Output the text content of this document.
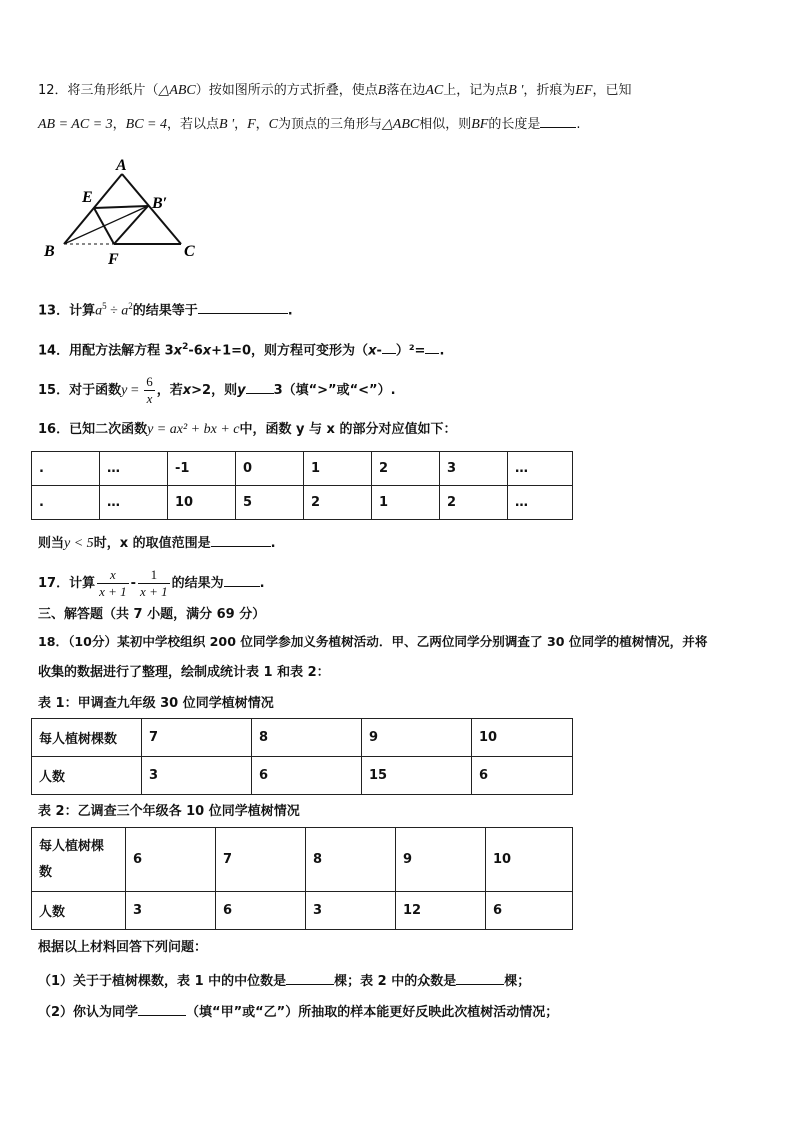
12．将三角形纸片（△ABC）按如图所示的方式折叠，使点B落在边AC上，记为点B '，折痕为EF，已知
AB = AC = 3，BC = 4，若以点B '，F，C为顶点的三角形与△ABC相似，则BF的长度是	.
A
E	B′
B	F	C
13．计算$a^5 \div a^2$的结果等于	.
14．用配方法解方程 $3x^2-6x+1=0$，则方程可变形为（x- ）²= .
15．对于函数$y = \frac{6}{x}$ ，若x>2，则y 3（填“>”或“<”）.
16．已知二次函数y = ax² + bx + c中，函数 y 与 x 的部分对应值如下：
.	…	-1	0	1	2	3	…
.	…	10	5	2	1	2	…
则当y < 5时，x 的取值范围是	.
17．计算 $\frac{x}{x + 1} - \frac{1}{x + 1}$ 的结果为	.
三、解答题（共 7 小题，满分 69 分）
18．（10分）某初中学校组织 200 位同学参加义务植树活动．甲、乙两位同学分别调查了 30 位同学的植树情况，并将
收集的数据进行了整理，绘制成统计表 1 和表 2：
表 1：甲调查九年级 30 位同学植树情况
每人植树棵数	7	8	9	10
人数	3	6	15	6
表 2：乙调查三个年级各 10 位同学植树情况
每人植树棵
数	6	7	8	9	10
人数	3	6	3	12	6
根据以上材料回答下列问题：
（1）关于于植树棵数，表 1 中的中位数是	棵；表 2 中的众数是	棵；
（2）你认为同学	（填“甲”或“乙”）所抽取的样本能更好反映此次植树活动情况；
